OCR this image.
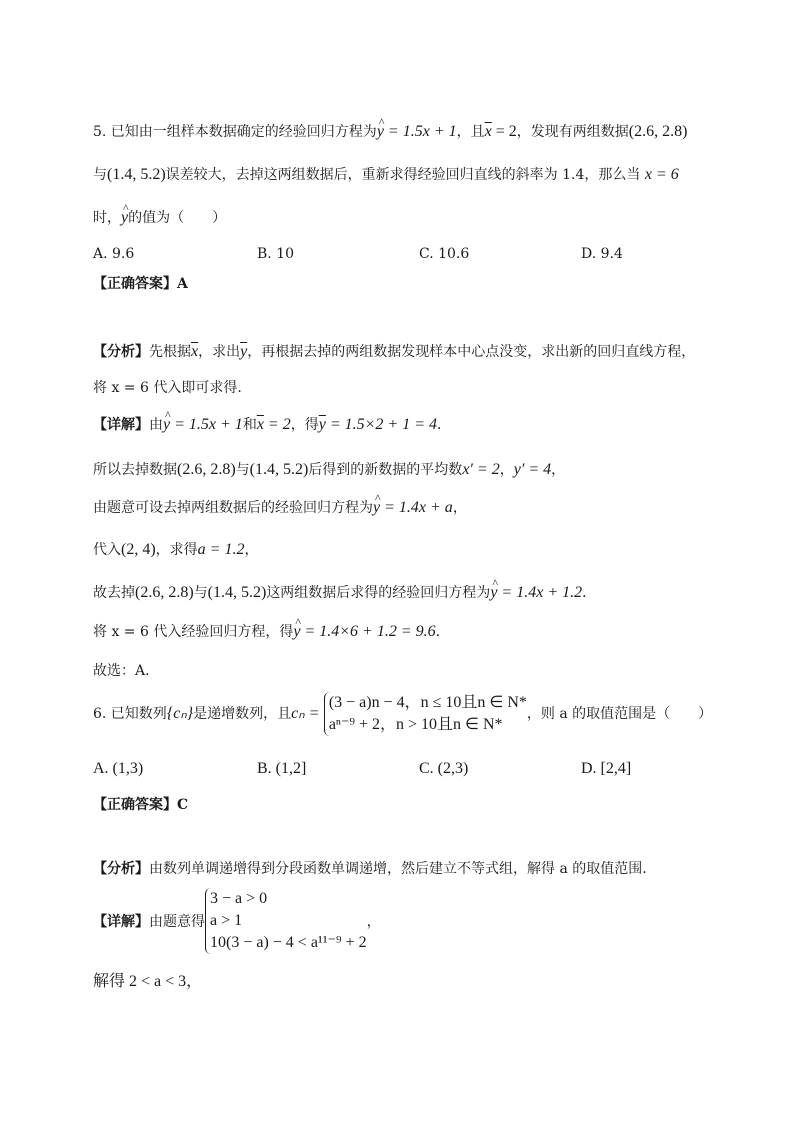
5. 已知由一组样本数据确定的经验回归方程为^ y = 1.5x + 1，且$\overline{x} = 2$，发现有两组数据(2.6, 2.8)
与(1.4, 5.2)误差较大，去掉这两组数据后，重新求得经验回归直线的斜率为 1.4，那么当 x = 6
时，^ y的值为（　　）
A. 9.6	B. 10	C. 10.6	D. 9.4
【正确答案】A
【分析】先根据$\overline{x}$，求出$\overline{y}$，再根据去掉的两组数据发现样本中心点没变，求出新的回归直线方程，
将 x = 6 代入即可求得.
【详解】由^ y = 1.5x + 1和$\overline{x} = 2$，得$\overline{y} = 1.5\times 2 + 1 = 4$．
所以去掉数据(2.6, 2.8)与(1.4, 5.2)后得到的新数据的平均数x′ = 2，y′ = 4，
由题意可设去掉两组数据后的经验回归方程为^ y = 1.4x + a，
代入(2, 4)，求得a = 1.2，
故去掉(2.6, 2.8)与(1.4, 5.2)这两组数据后求得的经验回归方程为^ y = 1.4x + 1.2．
将 x = 6 代入经验回归方程，得^ y = 1.4×6 + 1.2 = 9.6．
故选：A.
6. 已知数列{cₙ}是递增数列，且cₙ =
(3 − a)n − 4，n ≤ 10且n ∈ N*
aⁿ⁻⁹ + 2，n > 10且n ∈ N*
，则 a 的取值范围是（　　）
A. (1,3)	B. (1,2]	C. (2,3)	D. [2,4]
【正确答案】C
【分析】由数列单调递增得到分段函数单调递增，然后建立不等式组，解得 a 的取值范围.
【详解】由题意得
3 − a > 0
a > 1
10(3 − a) − 4 < a¹¹⁻⁹ + 2
，
解得 2 < a < 3，
